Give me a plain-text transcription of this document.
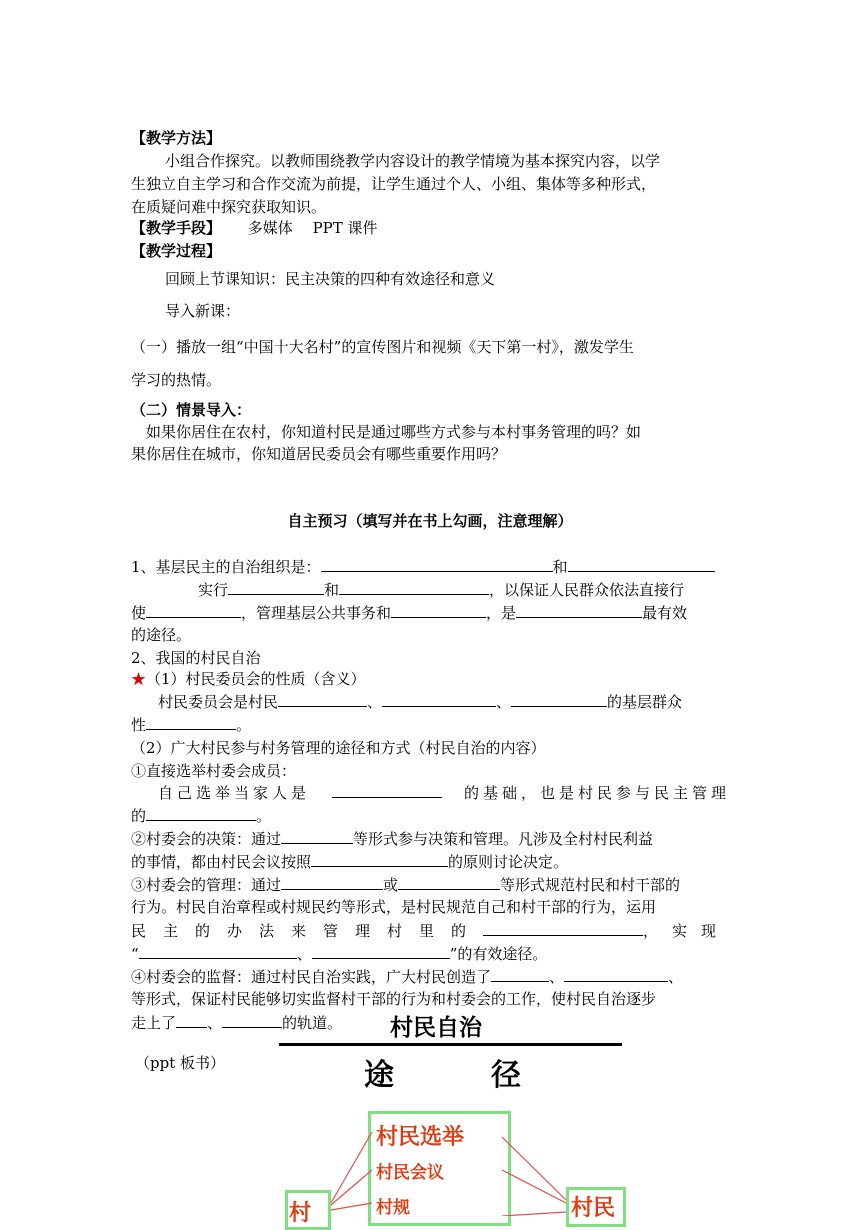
【教学方法】
小组合作探究。以教师围绕教学内容设计的教学情境为基本探究内容，以学
生独立自主学习和合作交流为前提，让学生通过个人、小组、集体等多种形式，
在质疑问难中探究获取知识。
【教学手段】 多媒体　 PPT 课件
【教学过程】
回顾上节课知识：民主决策的四种有效途径和意义
导入新课：
（一）播放一组“中国十大名村”的宣传图片和视频《天下第一村》，激发学生
学习的热情。
（二）情景导入：
如果你居住在农村，你知道村民是通过哪些方式参与本村事务管理的吗？如
果你居住在城市，你知道居民委员会有哪些重要作用吗？
自主预习（填写并在书上勾画，注意理解）
1、基层民主的自治组织是：	和
实行	和	，以保证人民群众依法直接行
使	，管理基层公共事务和	，是	最有效
的途径。
2、我国的村民自治
★（1）村民委员会的性质（含义）
村民委员会是村民	、	、	的基层群众
性	。
（2）广大村民参与村务管理的途径和方式（村民自治的内容）
①直接选举村委会成员：
自己选举当家人是	的基础，也是村民参与民主管理
的	。
②村委会的决策：通过	等形式参与决策和管理。凡涉及全村村民利益
的事情，都由村民会议按照	的原则讨论决定。
③村委会的管理：通过	或	等形式规范村民和村干部的
行为。村民自治章程或村规民约等形式，是村民规范自己和村干部的行为，运用
民主的办法来管理村里的	，实现
“	、	”的有效途径。
④村委会的监督：通过村民自治实践，广大村民创造了	、	、
等形式，保证村民能够切实监督村干部的行为和村委会的工作，使村民自治逐步
走上了 、	的轨道。
（ppt 板书）
村民自治
途	径
村民选举
村民会议
村规
村	村民
